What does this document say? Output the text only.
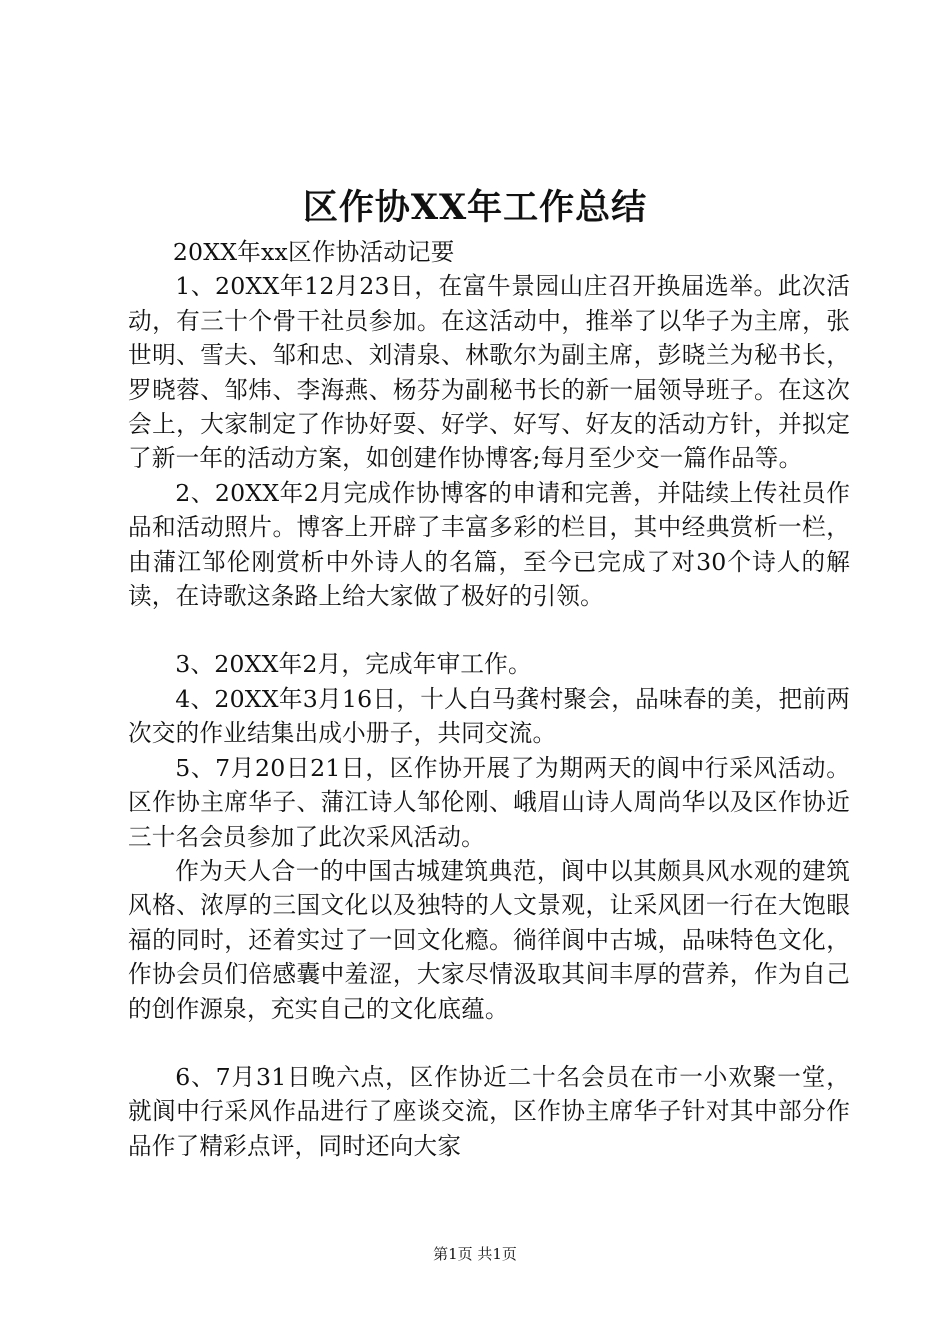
区作协XX年工作总结

20XX年xx区作协活动记要

1、20XX年12月23日，在富牛景园山庄召开换届选举。此次活动，有三十个骨干社员参加。在这活动中，推举了以华子为主席，张世明、雪夫、邹和忠、刘清泉、林歌尔为副主席，彭晓兰为秘书长，罗晓蓉、邹炜、李海燕、杨芬为副秘书长的新一届领导班子。在这次会上，大家制定了作协好耍、好学、好写、好友的活动方针，并拟定了新一年的活动方案，如创建作协博客;每月至少交一篇作品等。

2、20XX年2月完成作协博客的申请和完善，并陆续上传社员作品和活动照片。博客上开辟了丰富多彩的栏目，其中经典赏析一栏，由蒲江邹伦刚赏析中外诗人的名篇，至今已完成了对30个诗人的解读，在诗歌这条路上给大家做了极好的引领。

3、20XX年2月，完成年审工作。

4、20XX年3月16日，十人白马龚村聚会，品味春的美，把前两次交的作业结集出成小册子，共同交流。

5、7月20日21日，区作协开展了为期两天的阆中行采风活动。区作协主席华子、蒲江诗人邹伦刚、峨眉山诗人周尚华以及区作协近三十名会员参加了此次采风活动。

作为天人合一的中国古城建筑典范，阆中以其颇具风水观的建筑风格、浓厚的三国文化以及独特的人文景观，让采风团一行在大饱眼福的同时，还着实过了一回文化瘾。徜徉阆中古城，品味特色文化，作协会员们倍感囊中羞涩，大家尽情汲取其间丰厚的营养，作为自己的创作源泉，充实自己的文化底蕴。

6、7月31日晚六点，区作协近二十名会员在市一小欢聚一堂，就阆中行采风作品进行了座谈交流，区作协主席华子针对其中部分作品作了精彩点评，同时还向大家

第1页 共1页
